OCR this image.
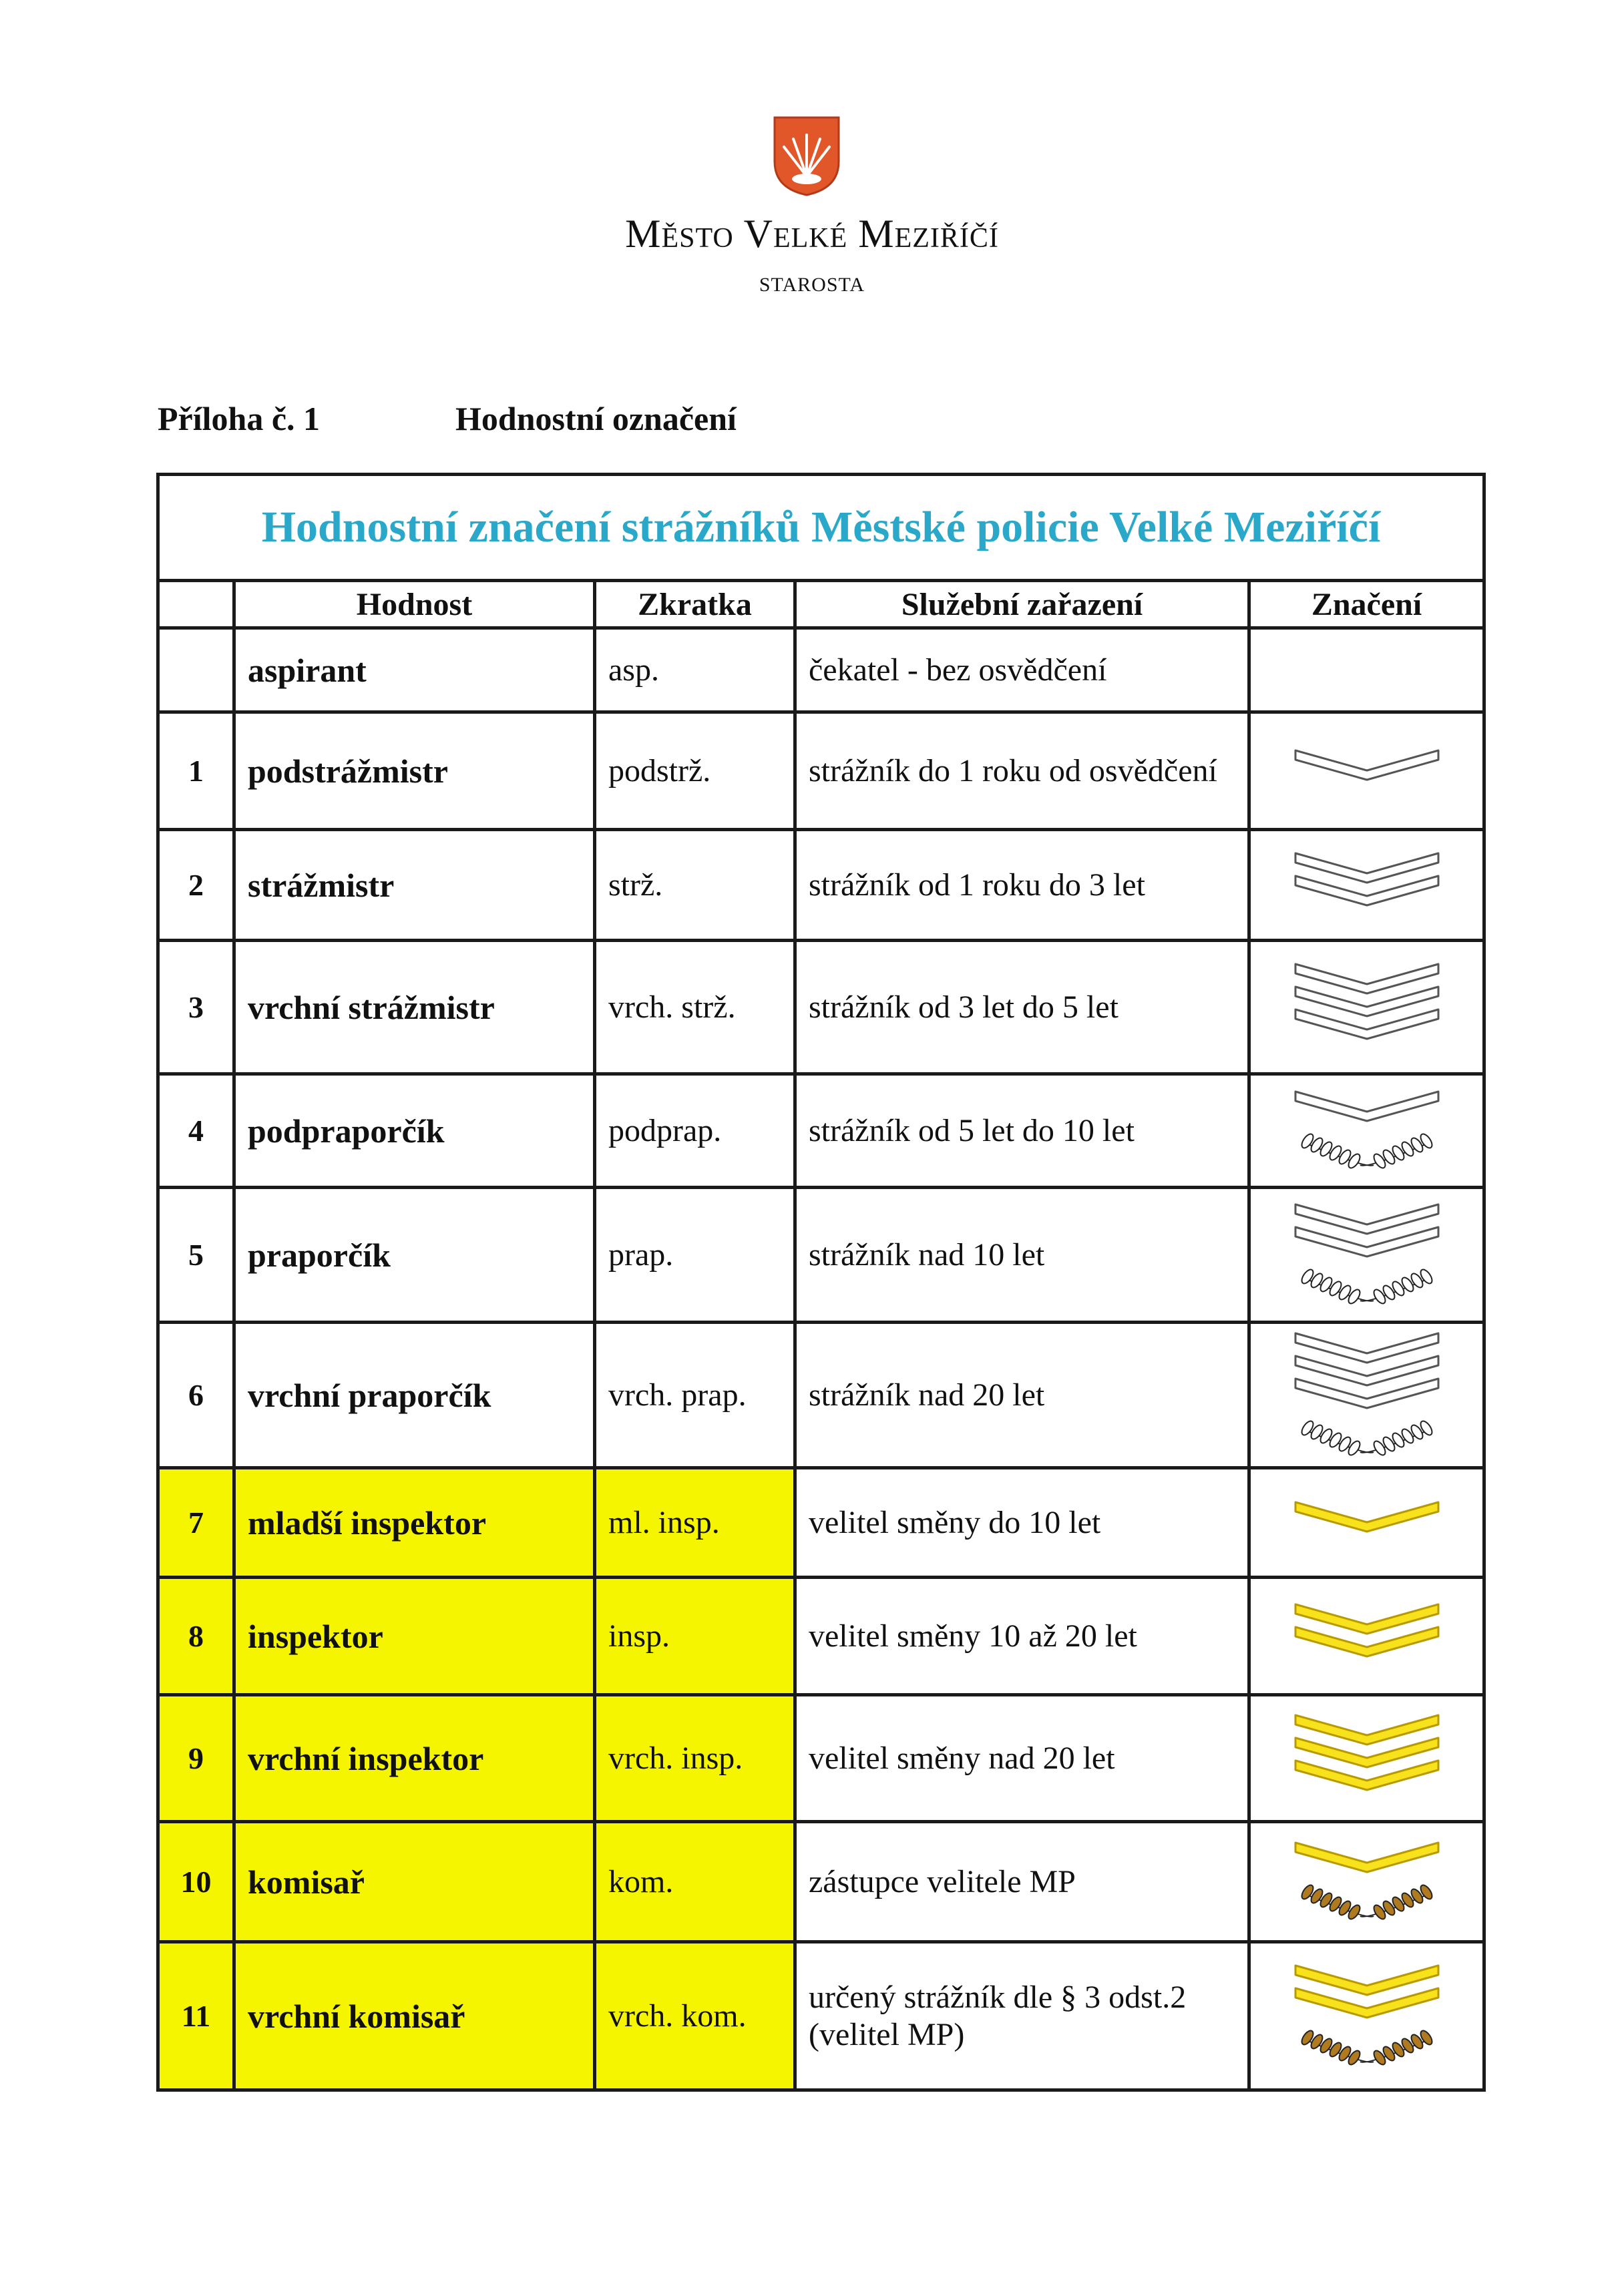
Město Velké Meziříčí
STAROSTA
Příloha č. 1	Hodnostní označení
Hodnostní značení strážníků Městské policie Velké Meziříčí				
	Hodnost	Zkratka	Služební zařazení	Značení
	aspirant	asp.	čekatel - bez osvědčení	
1	podstrážmistr	podstrž.	strážník do 1 roku od osvědčení	

2	strážmistr	strž.	strážník od 1 roku do 3 let	

3	vrchní strážmistr	vrch. strž.	strážník od 3 let do 5 let	

4	podpraporčík	podprap.	strážník od 5 let do 10 let	

5	praporčík	prap.	strážník nad 10 let	

6	vrchní praporčík	vrch. prap.	strážník nad 20 let	

7	mladší inspektor	ml. insp.	velitel směny do 10 let	

8	inspektor	insp.	velitel směny 10 až 20 let	

9	vrchní inspektor	vrch. insp.	velitel směny nad 20 let	

10	komisař	kom.	zástupce velitele MP	

11	vrchní komisař	vrch. kom.	určený strážník dle § 3 odst.2 (velitel MP)	
